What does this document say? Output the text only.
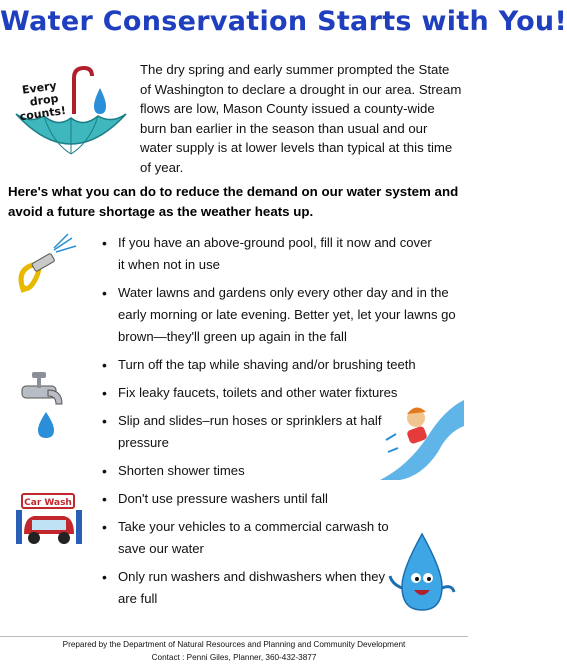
Water Conservation Starts with You!
Every drop counts!
The dry spring and early summer prompted the State of Washington to declare a drought in our area. Stream flows are low, Mason County issued a county-wide burn ban earlier in the season than usual and our water supply is at lower levels than typical at this time of year.
Here's what you can do to reduce the demand on our water system and avoid a future shortage as the weather heats up.
Car Wash
• If you have an above-ground pool, fill it now and cover it when not in use
• Water lawns and gardens only every other day and in the early morning or late evening. Better yet, let your lawns go brown—they'll green up again in the fall
• Turn off the tap while shaving and/or brushing teeth
• Fix leaky faucets, toilets and other water fixtures
• Slip and slides–run hoses or sprinklers at half pressure
• Shorten shower times
• Don't use pressure washers until fall
• Take your vehicles to a commercial carwash to save our water
• Only run washers and dishwashers when they are full
Prepared by the Department of Natural Resources and Planning and Community Development
Contact : Penni Giles, Planner, 360-432-3877
